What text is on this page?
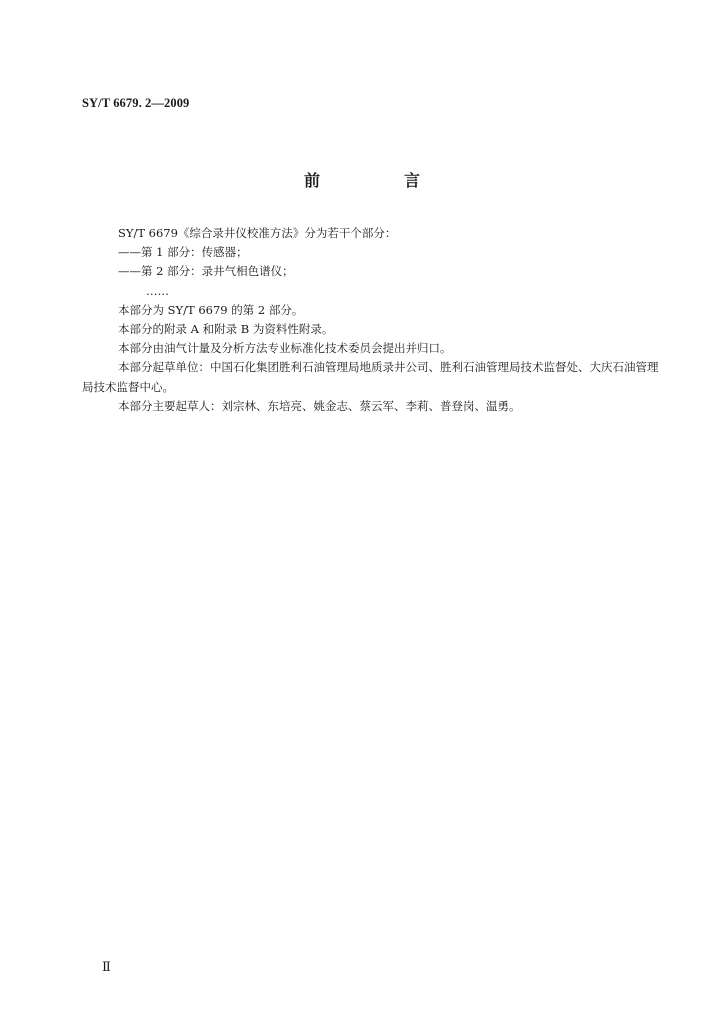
SY/T 6679. 2—2009
前　言

SY/T 6679《综合录井仪校准方法》分为若干个部分：

——第 1 部分：传感器；

——第 2 部分：录井气相色谱仪；

……

本部分为 SY/T 6679 的第 2 部分。

本部分的附录 A 和附录 B 为资料性附录。

本部分由油气计量及分析方法专业标准化技术委员会提出并归口。

本部分起草单位：中国石化集团胜利石油管理局地质录井公司、胜利石油管理局技术监督处、大庆石油管理局技术监督中心。

本部分主要起草人：刘宗林、东培亮、姚金志、蔡云军、李莉、普登岗、温勇。

Ⅱ
